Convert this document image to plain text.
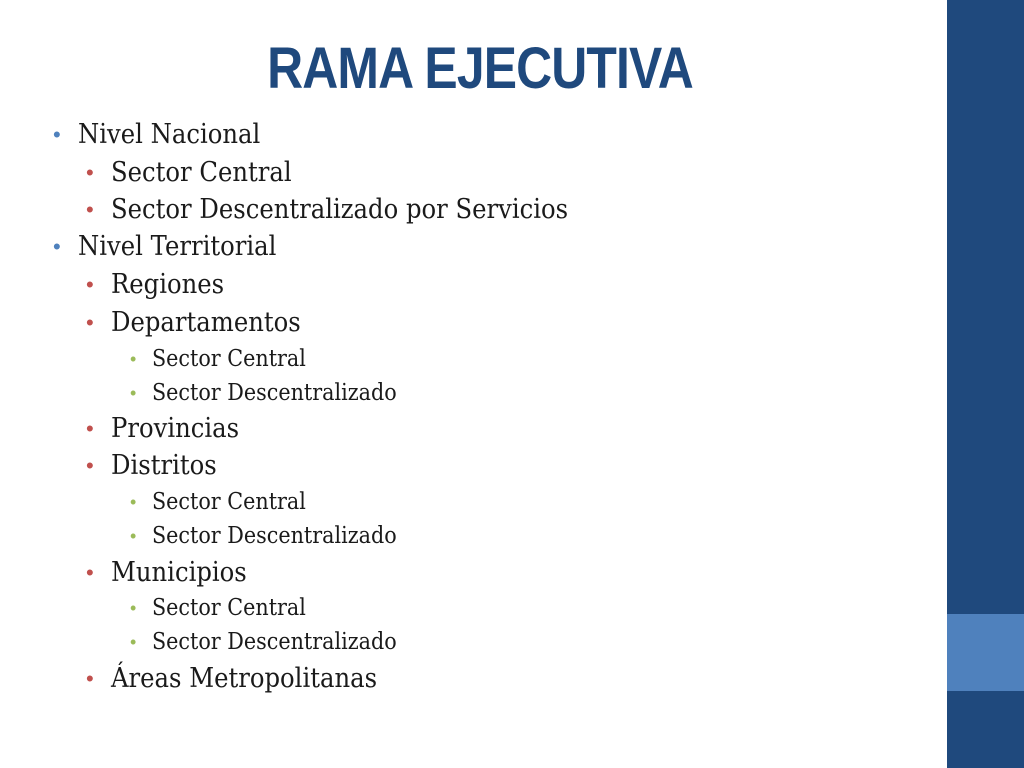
RAMA EJECUTIVA
• Nivel Nacional
• Sector Central
• Sector Descentralizado por Servicios
• Nivel Territorial
• Regiones
• Departamentos
• Sector Central
• Sector Descentralizado
• Provincias
• Distritos
• Sector Central
• Sector Descentralizado
• Municipios
• Sector Central
• Sector Descentralizado
• Áreas Metropolitanas
